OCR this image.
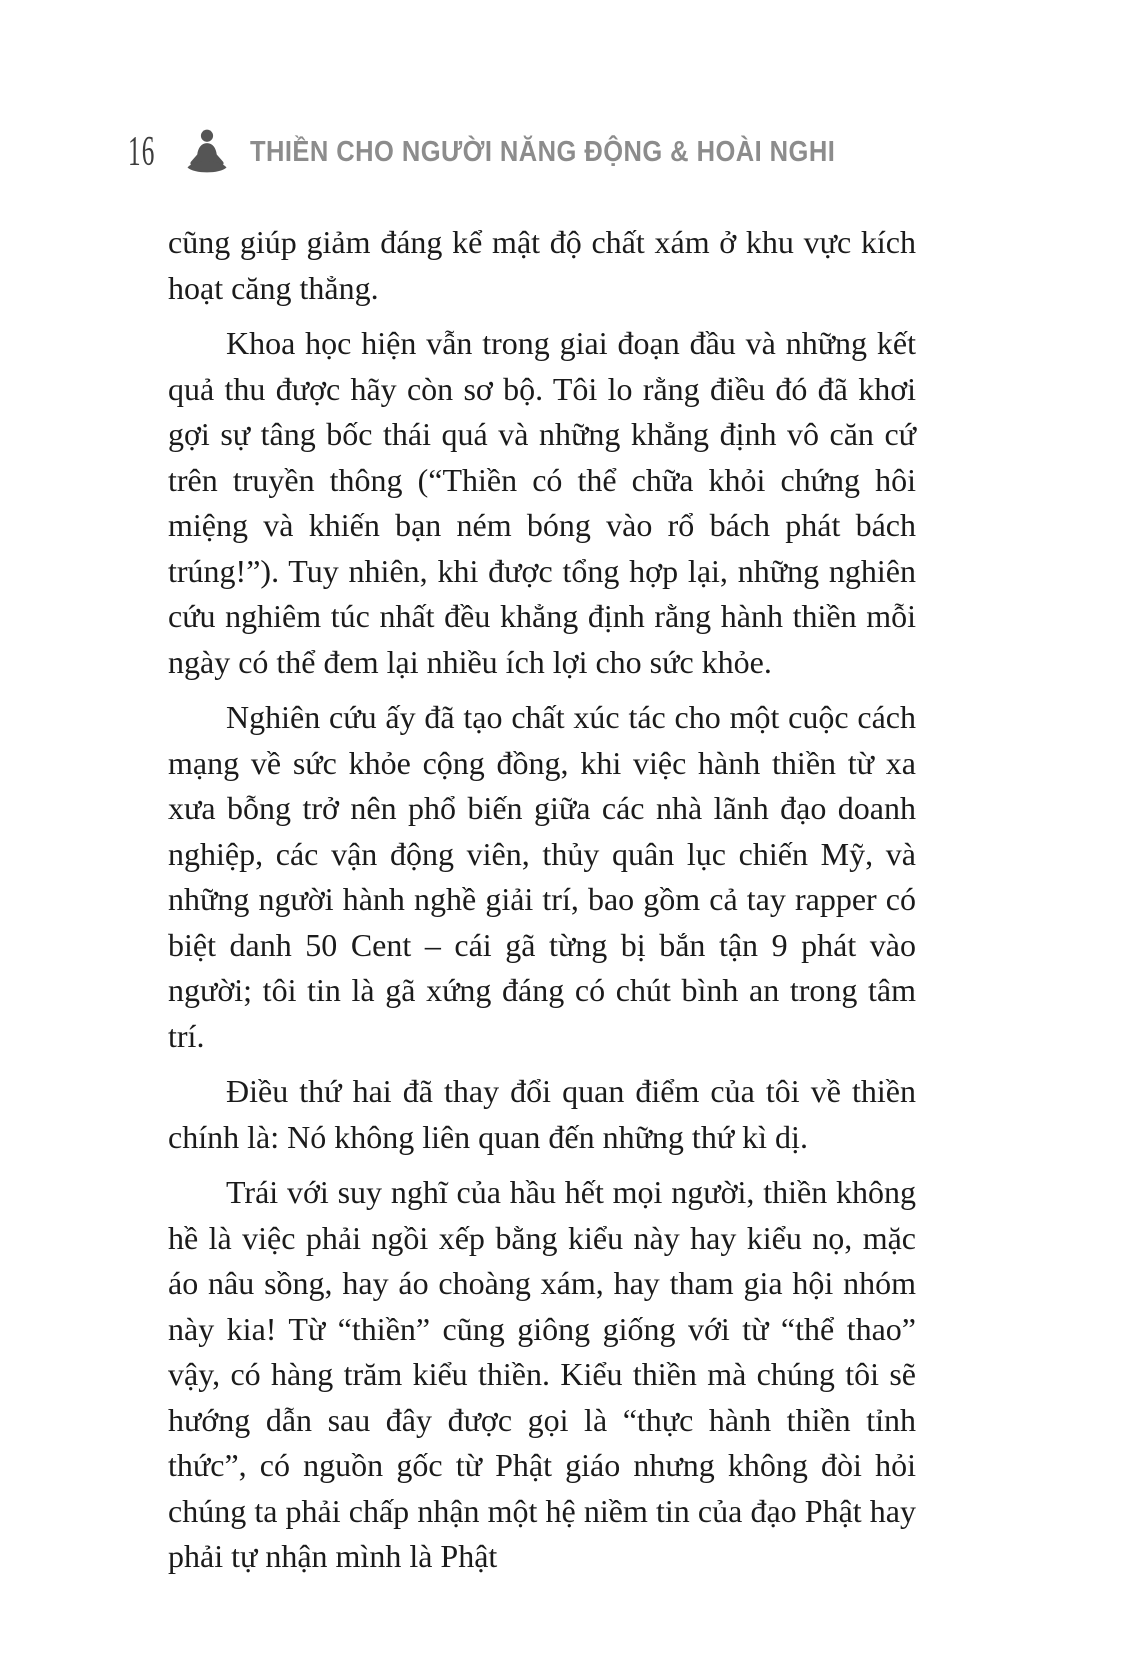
16	THIỀN CHO NGƯỜI NĂNG ĐỘNG & HOÀI NGHI

cũng giúp giảm đáng kể mật độ chất xám ở khu vực kích hoạt căng thẳng.

Khoa học hiện vẫn trong giai đoạn đầu và những kết quả thu được hãy còn sơ bộ. Tôi lo rằng điều đó đã khơi gợi sự tâng bốc thái quá và những khẳng định vô căn cứ trên truyền thông (“Thiền có thể chữa khỏi chứng hôi miệng và khiến bạn ném bóng vào rổ bách phát bách trúng!”). Tuy nhiên, khi được tổng hợp lại, những nghiên cứu nghiêm túc nhất đều khẳng định rằng hành thiền mỗi ngày có thể đem lại nhiều ích lợi cho sức khỏe.

Nghiên cứu ấy đã tạo chất xúc tác cho một cuộc cách mạng về sức khỏe cộng đồng, khi việc hành thiền từ xa xưa bỗng trở nên phổ biến giữa các nhà lãnh đạo doanh nghiệp, các vận động viên, thủy quân lục chiến Mỹ, và những người hành nghề giải trí, bao gồm cả tay rapper có biệt danh 50 Cent – cái gã từng bị bắn tận 9 phát vào người; tôi tin là gã xứng đáng có chút bình an trong tâm trí.

Điều thứ hai đã thay đổi quan điểm của tôi về thiền chính là: Nó không liên quan đến những thứ kì dị.

Trái với suy nghĩ của hầu hết mọi người, thiền không hề là việc phải ngồi xếp bằng kiểu này hay kiểu nọ, mặc áo nâu sồng, hay áo choàng xám, hay tham gia hội nhóm này kia! Từ “thiền” cũng giông giống với từ “thể thao” vậy, có hàng trăm kiểu thiền. Kiểu thiền mà chúng tôi sẽ hướng dẫn sau đây được gọi là “thực hành thiền tỉnh thức”, có nguồn gốc từ Phật giáo nhưng không đòi hỏi chúng ta phải chấp nhận một hệ niềm tin của đạo Phật hay phải tự nhận mình là Phật
